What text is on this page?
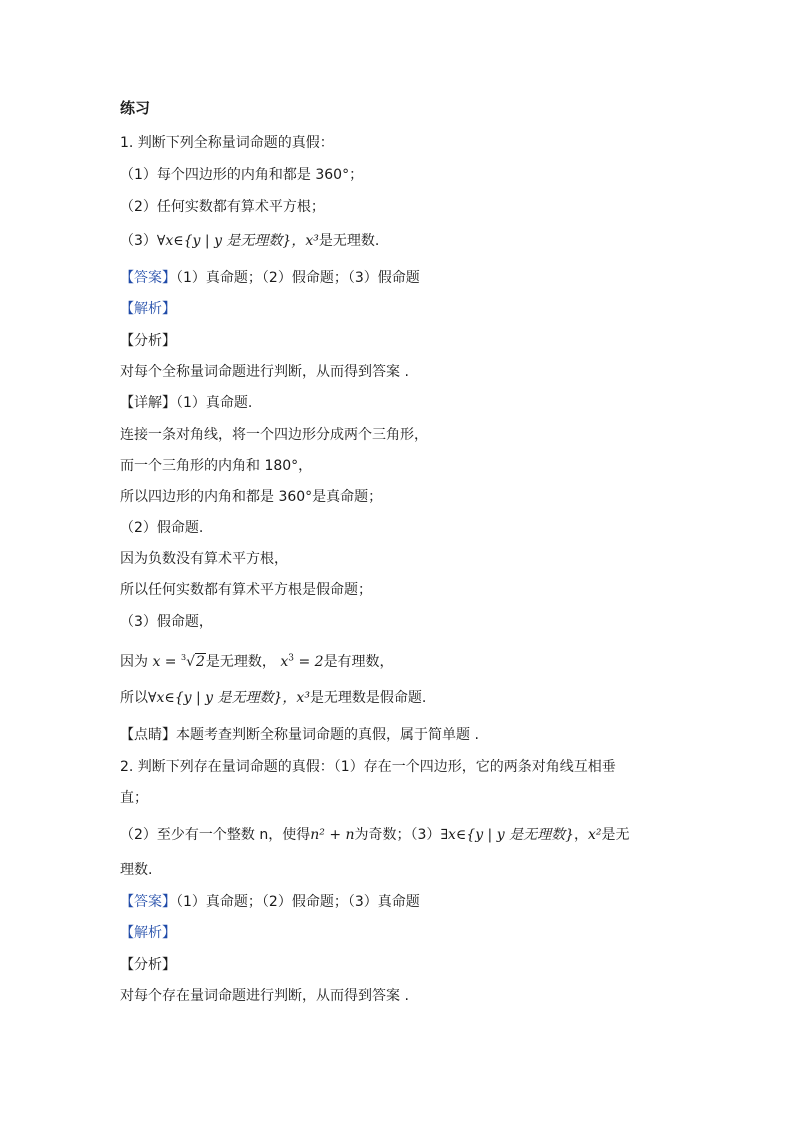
练习
1. 判断下列全称量词命题的真假：
（1）每个四边形的内角和都是 360°；
（2）任何实数都有算术平方根；
（3）∀x∈{y | y 是无理数}，x³是无理数.
【答案】（1）真命题；（2）假命题；（3）假命题
【解析】
【分析】
对每个全称量词命题进行判断，从而得到答案 .
【详解】（1）真命题.
连接一条对角线，将一个四边形分成两个三角形，
而一个三角形的内角和 180°，
所以四边形的内角和都是 360°是真命题；
（2）假命题.
因为负数没有算术平方根，
所以任何实数都有算术平方根是假命题；
（3）假命题，
因为 x = $^3$√2是无理数， $x^3 = 2$是有理数，
所以∀x∈{y | y 是无理数}，x³是无理数是假命题.
【点睛】本题考查判断全称量词命题的真假，属于简单题 .
2. 判断下列存在量词命题的真假：（1）存在一个四边形，它的两条对角线互相垂
直；
（2）至少有一个整数 n，使得n² + n为奇数；（3）∃x∈{y | y 是无理数}，x²是无
理数.
【答案】（1）真命题；（2）假命题；（3）真命题
【解析】
【分析】
对每个存在量词命题进行判断，从而得到答案 .
